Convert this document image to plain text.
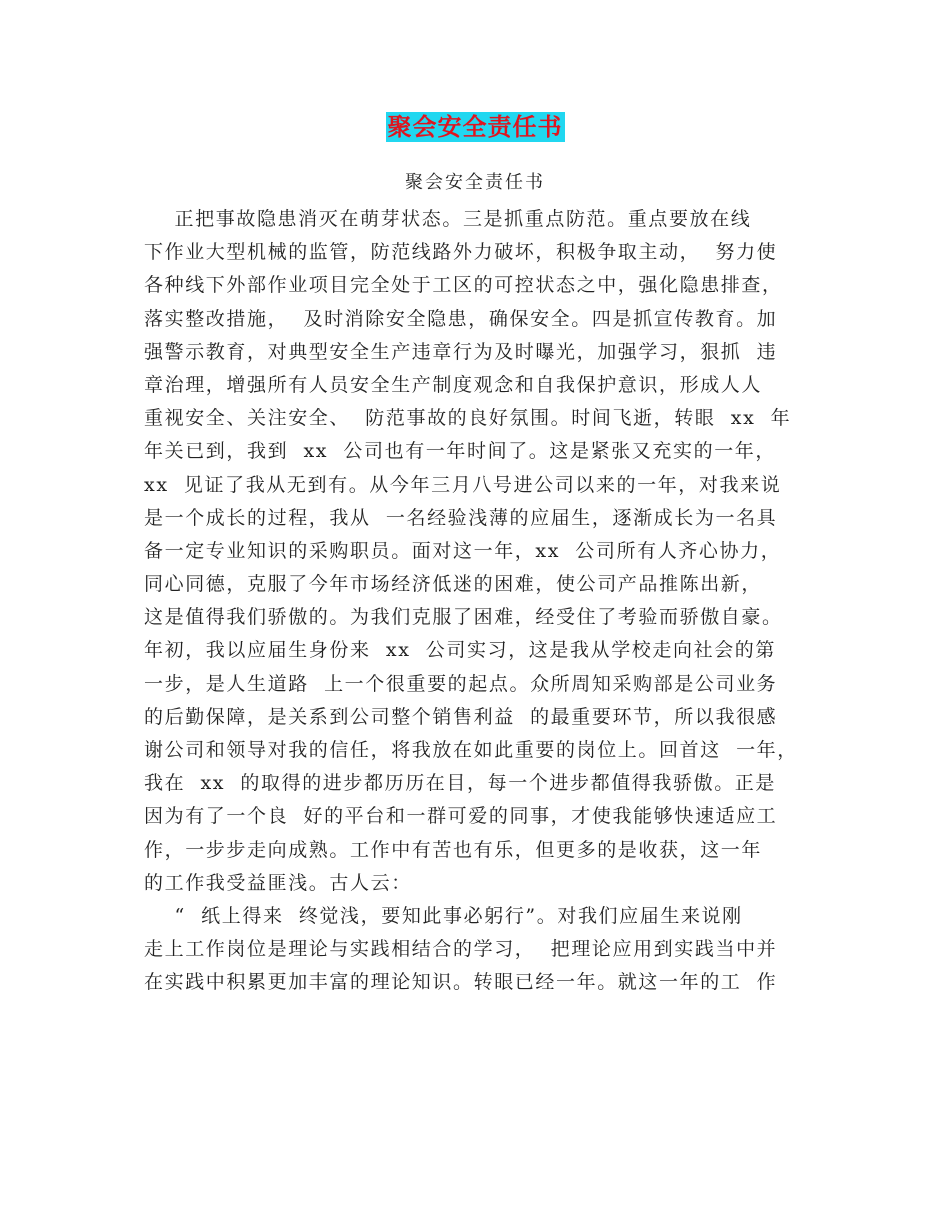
聚会安全责任书
聚会安全责任书
正把事故隐患消灭在萌芽状态。三是抓重点防范。重点要放在线
下作业大型机械的监管，防范线路外力破坏，积极争取主动，  努力使
各种线下外部作业项目完全处于工区的可控状态之中，强化隐患排查，
落实整改措施，  及时消除安全隐患，确保安全。四是抓宣传教育。加
强警示教育，对典型安全生产违章行为及时曝光，加强学习，狠抓  违
章治理，增强所有人员安全生产制度观念和自我保护意识，形成人人
重视安全、关注安全、  防范事故的良好氛围。时间飞逝，转眼  xx  年
年关已到，我到  xx  公司也有一年时间了。这是紧张又充实的一年，
xx  见证了我从无到有。从今年三月八号进公司以来的一年，对我来说
是一个成长的过程，我从  一名经验浅薄的应届生，逐渐成长为一名具
备一定专业知识的采购职员。面对这一年，xx  公司所有人齐心协力，
同心同德，克服了今年市场经济低迷的困难，使公司产品推陈出新，
这是值得我们骄傲的。为我们克服了困难，经受住了考验而骄傲自豪。
年初，我以应届生身份来  xx  公司实习，这是我从学校走向社会的第
一步，是人生道路  上一个很重要的起点。众所周知采购部是公司业务
的后勤保障，是关系到公司整个销售利益  的最重要环节，所以我很感
谢公司和领导对我的信任，将我放在如此重要的岗位上。回首这  一年，
我在  xx  的取得的进步都历历在目，每一个进步都值得我骄傲。正是
因为有了一个良  好的平台和一群可爱的同事，才使我能够快速适应工
作，一步步走向成熟。工作中有苦也有乐，但更多的是收获，这一年
的工作我受益匪浅。古人云：
“  纸上得来  终觉浅，要知此事必躬行”。对我们应届生来说刚
走上工作岗位是理论与实践相结合的学习，  把理论应用到实践当中并
在实践中积累更加丰富的理论知识。转眼已经一年。就这一年的工  作
